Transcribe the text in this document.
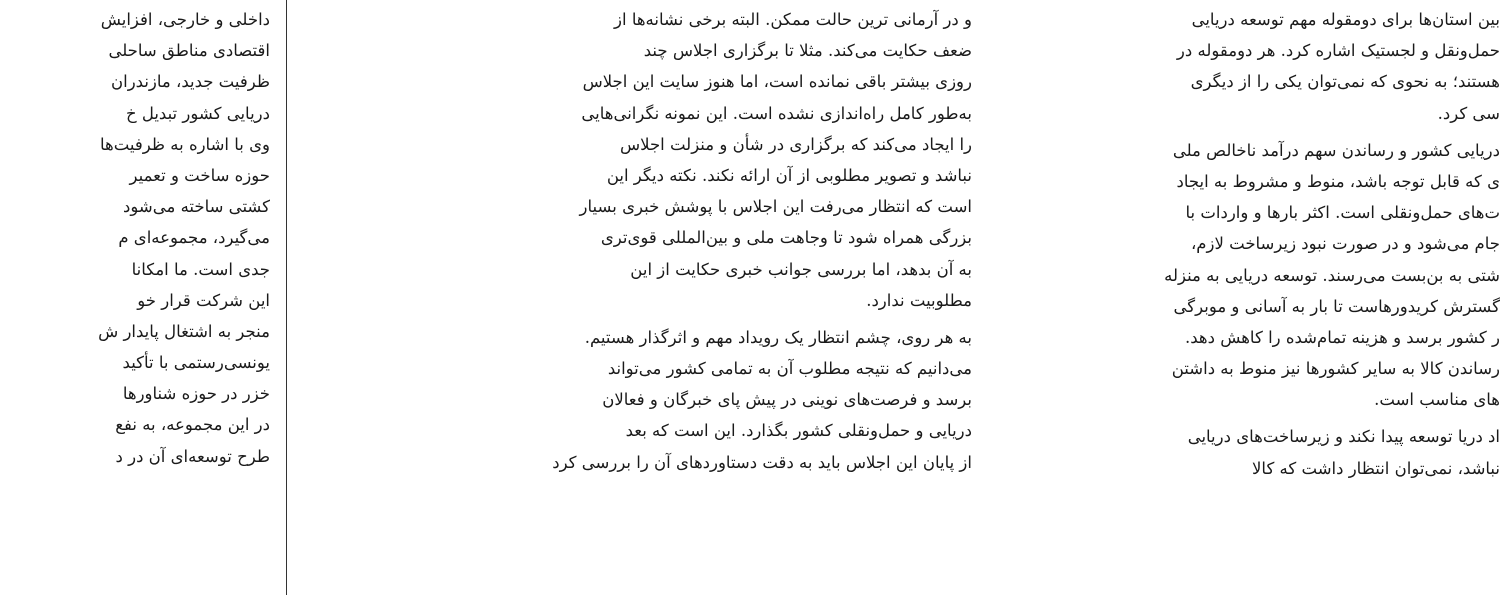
داخلی و خارجی، افزایش
اقتصادی مناطق ساحلی
ظرفیت جدید، مازندران
دریایی کشور تبدیل خ
وی با اشاره به ظرفیت‌ها
حوزه ساخت و تعمیر
کشتی ساخته می‌شود
می‌گیرد، مجموعه‌ای م
جدی است. ما امکانا
این شرکت قرار خو
منجر به اشتغال پایدار ش
یونسی‌رستمی با تأکید
خزر در حوزه شناورها
در این مجموعه، به نفع
طرح توسعه‌ای آن در د
و در آرمانی ترین حالت ممکن. البته برخی نشانه‌ها از
ضعف حکایت می‌کند. مثلا تا برگزاری اجلاس چند
روزی بیشتر باقی نمانده است، اما هنوز سایت این اجلاس
به‌طور کامل راه‌اندازی نشده است. این نمونه نگرانی‌هایی
را ایجاد می‌کند که برگزاری در شأن و منزلت اجلاس
نباشد و تصویر مطلوبی از آن ارائه نکند. نکته دیگر این
است که انتظار می‌رفت این اجلاس با پوشش خبری بسیار
بزرگی همراه شود تا وجاهت ملی و بین‌المللی قوی‌تری
به آن بدهد، اما بررسی جوانب خبری حکایت از این
مطلوبیت ندارد.
به هر روی، چشم انتظار یک رویداد مهم و اثرگذار هستیم.
می‌دانیم که نتیجه مطلوب آن به تمامی کشور می‌تواند
برسد و فرصت‌های نوینی در پیش پای خبرگان و فعالان
دریایی و حمل‌ونقلی کشور بگذارد. این است که بعد
از پایان این اجلاس باید به دقت دستاوردهای آن را بررسی کرد
بین استان‌ها برای دومقوله مهم توسعه دریایی
حمل‌ونقل و لجستیک اشاره کرد. هر دومقوله در
هستند؛ به نحوی که نمی‌توان یکی را از دیگری
سی کرد.
دریایی کشور و رساندن سهم درآمد ناخالص ملی
ی که قابل توجه باشد، منوط و مشروط به ایجاد
ت‌های حمل‌ونقلی است. اکثر بارها و واردات با
جام می‌شود و در صورت نبود زیرساخت لازم،
شتی به بن‌بست می‌رسند. توسعه دریایی به منزله
گسترش کریدورهاست تا بار به آسانی و موبرگی
ر کشور برسد و هزینه تمام‌شده را کاهش دهد.
رساندن کالا به سایر کشورها نیز منوط به داشتن
های مناسب است.
اد دریا توسعه پیدا نکند و زیرساخت‌های دریایی
نباشد، نمی‌توان انتظار داشت که کالا
